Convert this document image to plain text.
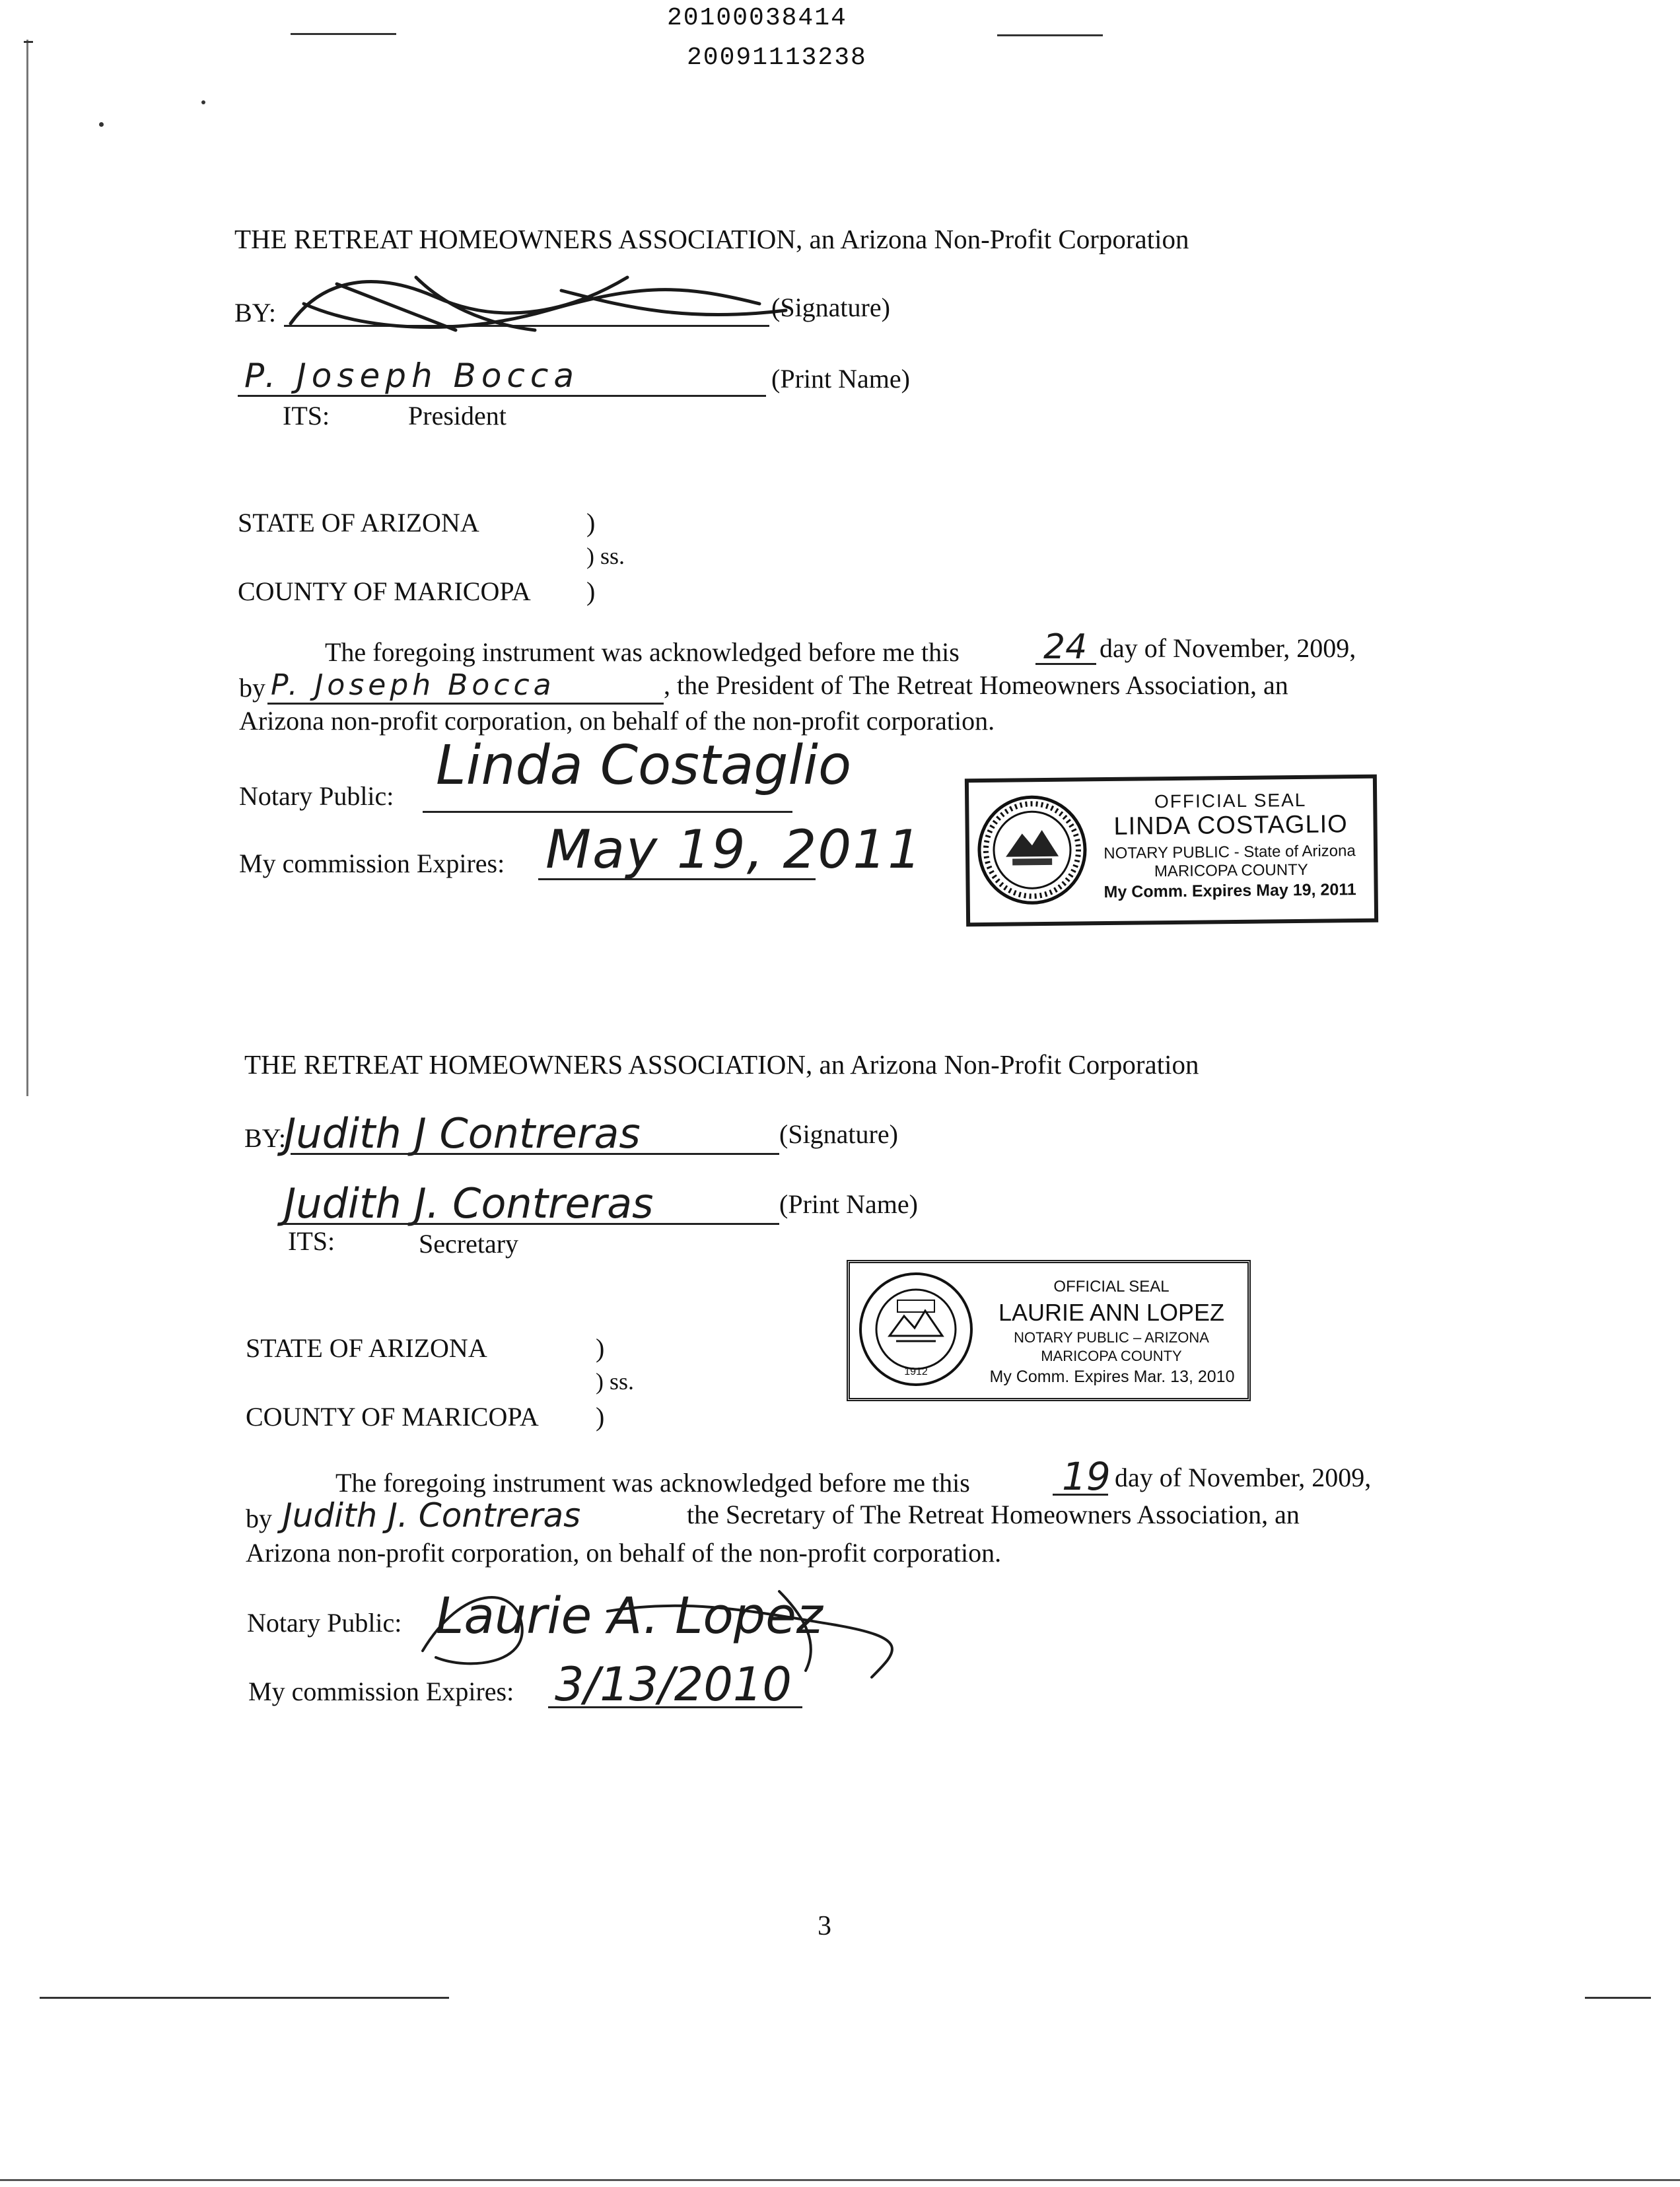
20100038414
20091113238
THE RETREAT HOMEOWNERS ASSOCIATION, an Arizona Non-Profit Corporation
BY:	(Signature)
P. Joseph Bocca	(Print Name)
ITS:	President
STATE OF ARIZONA	)
) ss.
COUNTY OF MARICOPA )
The foregoing instrument was acknowledged before me this 24 day of November, 2009,
by P. Joseph Bocca	, the President of The Retreat Homeowners Association, an
Arizona non-profit corporation, on behalf of the non-profit corporation.
Notary Public: Linda Costaglio
My commission Expires: May 19, 2011
OFFICIAL SEAL
LINDA COSTAGLIO
NOTARY PUBLIC - State of Arizona
MARICOPA COUNTY
My Comm. Expires May 19, 2011
THE RETREAT HOMEOWNERS ASSOCIATION, an Arizona Non-Profit Corporation
BY:
Judith J Contreras	(Signature)
Judith J. Contreras	(Print Name)
ITS:	Secretary
STATE OF ARIZONA	)
) ss.
COUNTY OF MARICOPA )
1912
OFFICIAL SEAL
LAURIE ANN LOPEZ
NOTARY PUBLIC – ARIZONA
MARICOPA COUNTY
My Comm. Expires Mar. 13, 2010
The foregoing instrument was acknowledged before me this 19 day of November, 2009,
by Judith J. Contreras	the Secretary of The Retreat Homeowners Association, an
Arizona non-profit corporation, on behalf of the non-profit corporation.
Notary Public: Laurie A. Lopez
My commission Expires: 3/13/2010
3
